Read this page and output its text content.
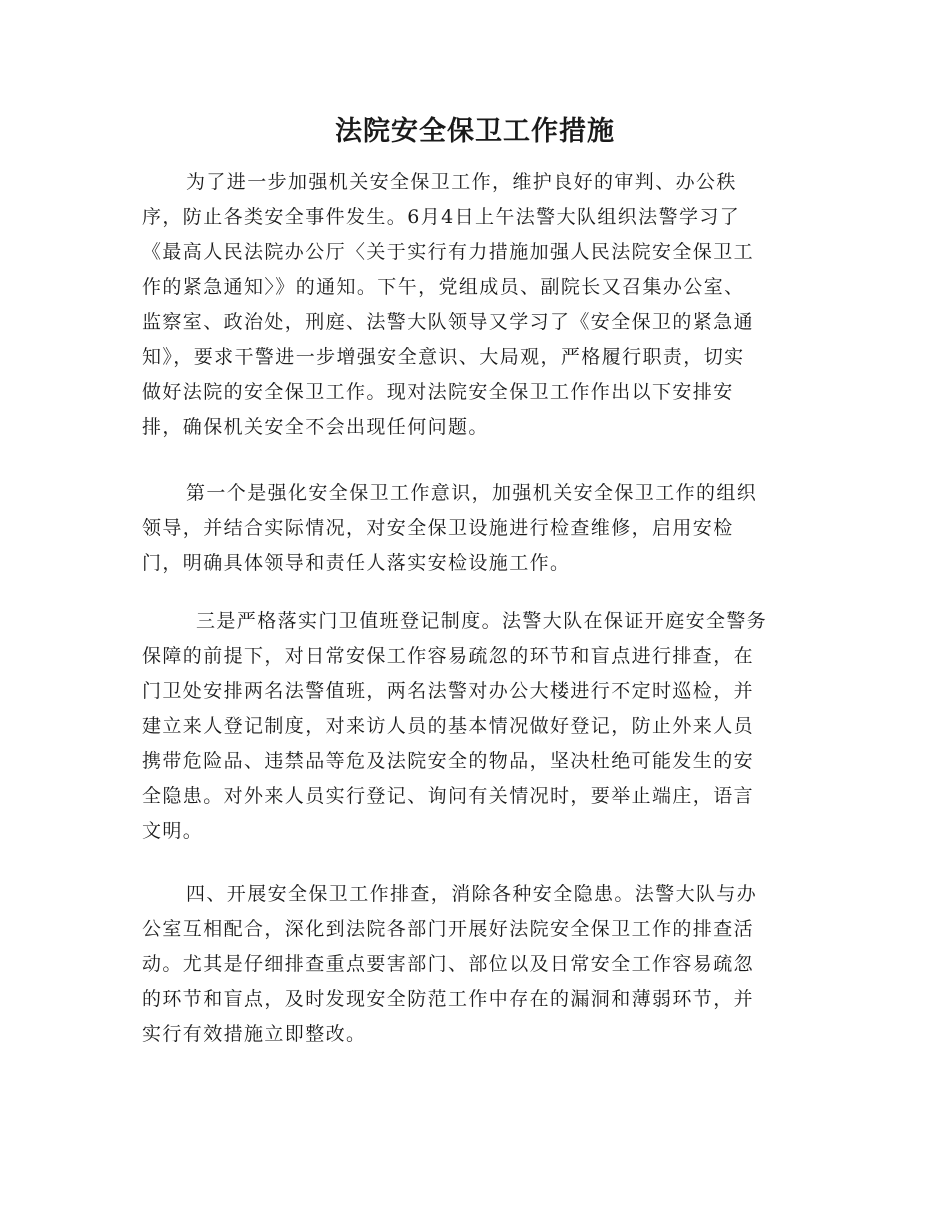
法院安全保卫工作措施
为了进一步加强机关安全保卫工作，维护良好的审判、办公秩
序，防止各类安全事件发生。6月4日上午法警大队组织法警学习了
《最高人民法院办公厅〈关于实行有力措施加强人民法院安全保卫工
作的紧急通知〉》的通知。下午，党组成员、副院长又召集办公室、
监察室、政治处，刑庭、法警大队领导又学习了《安全保卫的紧急通
知》，要求干警进一步增强安全意识、大局观，严格履行职责，切实
做好法院的安全保卫工作。现对法院安全保卫工作作出以下安排安
排，确保机关安全不会出现任何问题。
第一个是强化安全保卫工作意识，加强机关安全保卫工作的组织
领导，并结合实际情况，对安全保卫设施进行检查维修，启用安检
门，明确具体领导和责任人落实安检设施工作。
三是严格落实门卫值班登记制度。法警大队在保证开庭安全警务
保障的前提下，对日常安保工作容易疏忽的环节和盲点进行排查，在
门卫处安排两名法警值班，两名法警对办公大楼进行不定时巡检，并
建立来人登记制度，对来访人员的基本情况做好登记，防止外来人员
携带危险品、违禁品等危及法院安全的物品，坚决杜绝可能发生的安
全隐患。对外来人员实行登记、询问有关情况时，要举止端庄，语言
文明。
四、开展安全保卫工作排查，消除各种安全隐患。法警大队与办
公室互相配合，深化到法院各部门开展好法院安全保卫工作的排查活
动。尤其是仔细排查重点要害部门、部位以及日常安全工作容易疏忽
的环节和盲点，及时发现安全防范工作中存在的漏洞和薄弱环节，并
实行有效措施立即整改。
